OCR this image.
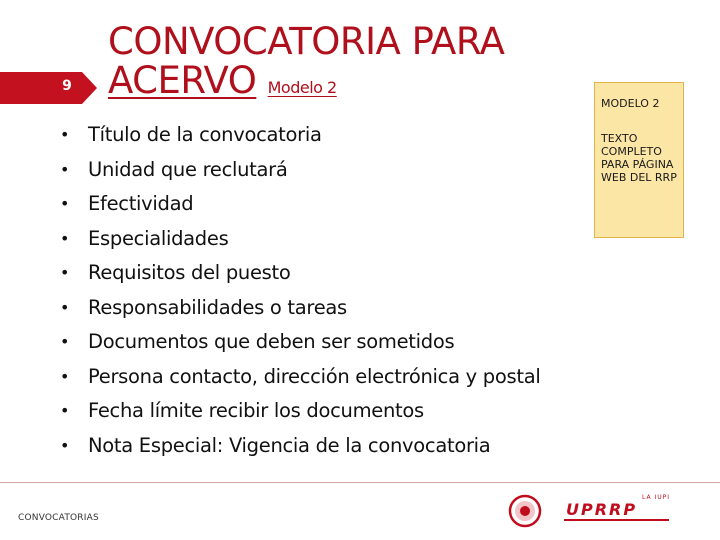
9
CONVOCATORIA PARA
ACERVO Modelo 2
• Título de la convocatoria
• Unidad que reclutará
• Efectividad
• Especialidades
• Requisitos del puesto
• Responsabilidades o tareas
• Documentos que deben ser sometidos
• Persona contacto, dirección electrónica y postal
• Fecha límite recibir los documentos
• Nota Especial: Vigencia de la convocatoria
MODELO 2
TEXTO COMPLETO PARA PÁGINA WEB DEL RRP
CONVOCATORIAS	UPRRP
LA IUPI
